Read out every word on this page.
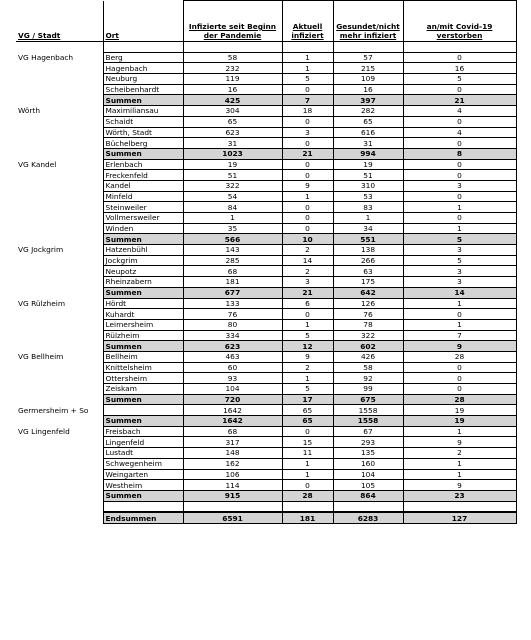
VG / Stadt	Ort	Infizierte seit Beginn der Pandemie	Aktuell infiziert	Gesundet/nicht mehr infiziert	an/mit Covid-19 verstorben

VG Hagenbach	Berg	58	1	57	0
	Hagenbach	232	1	215	16
	Neuburg	119	5	109	5
	Scheibenhardt	16	0	16	0
	Summen	425	7	397	21
Wörth	Maximiliansau	304	18	282	4
	Schaidt	65	0	65	0
	Wörth, Stadt	623	3	616	4
	Büchelberg	31	0	31	0
	Summen	1023	21	994	8
VG Kandel	Erlenbach	19	0	19	0
	Freckenfeld	51	0	51	0
	Kandel	322	9	310	3
	Minfeld	54	1	53	0
	Steinweiler	84	0	83	1
	Vollmersweiler	1	0	1	0
	Winden	35	0	34	1
	Summen	566	10	551	5
VG Jockgrim	Hatzenbühl	143	2	138	3
	Jockgrim	285	14	266	5
	Neupotz	68	2	63	3
	Rheinzabern	181	3	175	3
	Summen	677	21	642	14
VG Rülzheim	Hördt	133	6	126	1
	Kuhardt	76	0	76	0
	Leimersheim	80	1	78	1
	Rülzheim	334	5	322	7
	Summen	623	12	602	9
VG Bellheim	Bellheim	463	9	426	28
	Knittelsheim	60	2	58	0
	Ottersheim	93	1	92	0
	Zeiskam	104	5	99	0
	Summen	720	17	675	28
Germersheim + So		1642	65	1558	19
	Summen	1642	65	1558	19
VG Lingenfeld	Freisbach	68	0	67	1
	Lingenfeld	317	15	293	9
	Lustadt	148	11	135	2
	Schwegenheim	162	1	160	1
	Weingarten	106	1	104	1
	Westheim	114	0	105	9
	Summen	915	28	864	23

	Endsummen	6591	181	6283	127
